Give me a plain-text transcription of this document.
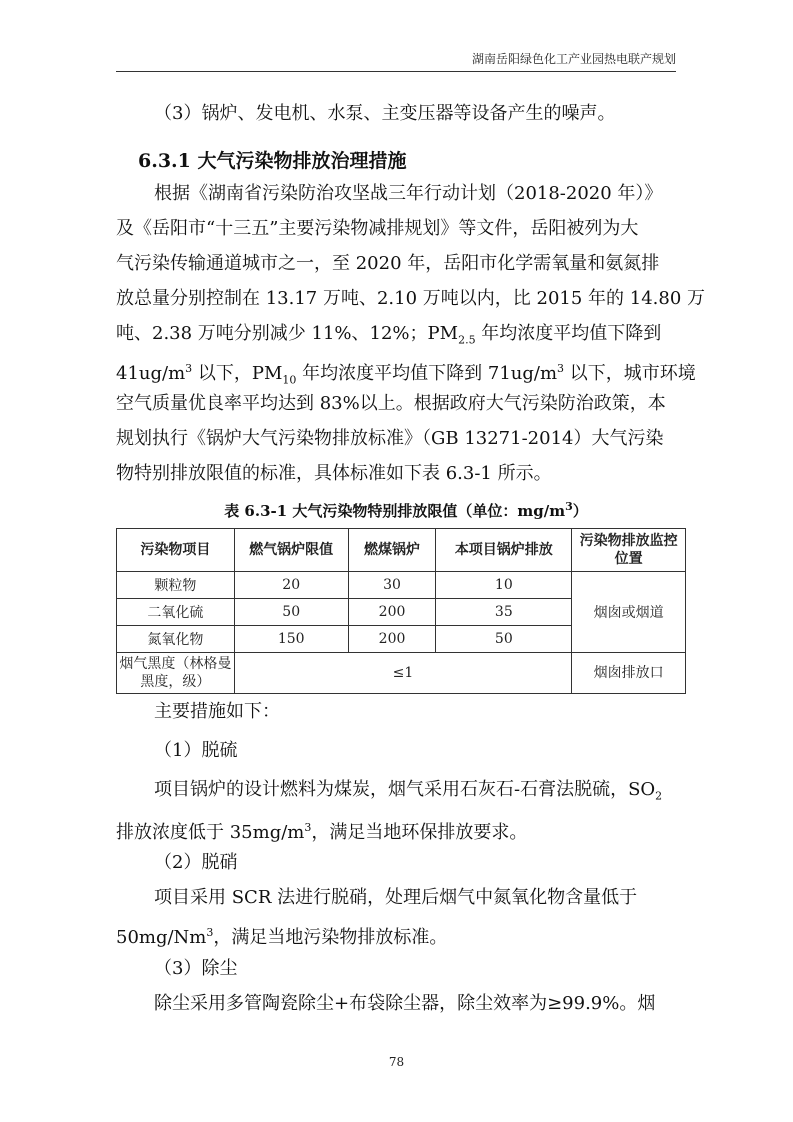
湖南岳阳绿色化工产业园热电联产规划
（3）锅炉、发电机、水泵、主变压器等设备产生的噪声。
6.3.1 大气污染物排放治理措施
根据《湖南省污染防治攻坚战三年行动计划（2018-2020 年）》
及《岳阳市“十三五”主要污染物减排规划》等文件，岳阳被列为大
气污染传输通道城市之一，至 2020 年，岳阳市化学需氧量和氨氮排
放总量分别控制在 13.17 万吨、2.10 万吨以内，比 2015 年的 14.80 万
吨、2.38 万吨分别减少 11%、12%；$PM_{2.5}$ 年均浓度平均值下降到
$41ug/m^3$ 以下，$PM_{10}$ 年均浓度平均值下降到 $71ug/m^3$ 以下，城市环境
空气质量优良率平均达到 83%以上。根据政府大气污染防治政策，本
规划执行《锅炉大气污染物排放标准》（GB 13271-2014）大气污染
物特别排放限值的标准，具体标准如下表 6.3-1 所示。
表 6.3-1 大气污染物特别排放限值（单位：$mg/m^3$）
污染物项目	燃气锅炉限值	燃煤锅炉	本项目锅炉排放	污染物排放监控位置
颗粒物	20	30	10	烟囱或烟道
二氧化硫	50	200	35	
氮氧化物	150	200	50	
烟气黑度（林格曼黑度，级）	≤1			烟囱排放口
主要措施如下：
（1）脱硫
项目锅炉的设计燃料为煤炭，烟气采用石灰石-石膏法脱硫，$SO_2$
排放浓度低于 $35mg/m^3$，满足当地环保排放要求。
（2）脱硝
项目采用 SCR 法进行脱硝，处理后烟气中氮氧化物含量低于
50mg/Nm$^3$，满足当地污染物排放标准。
（3）除尘
除尘采用多管陶瓷除尘+布袋除尘器，除尘效率为≥99.9%。烟
78
